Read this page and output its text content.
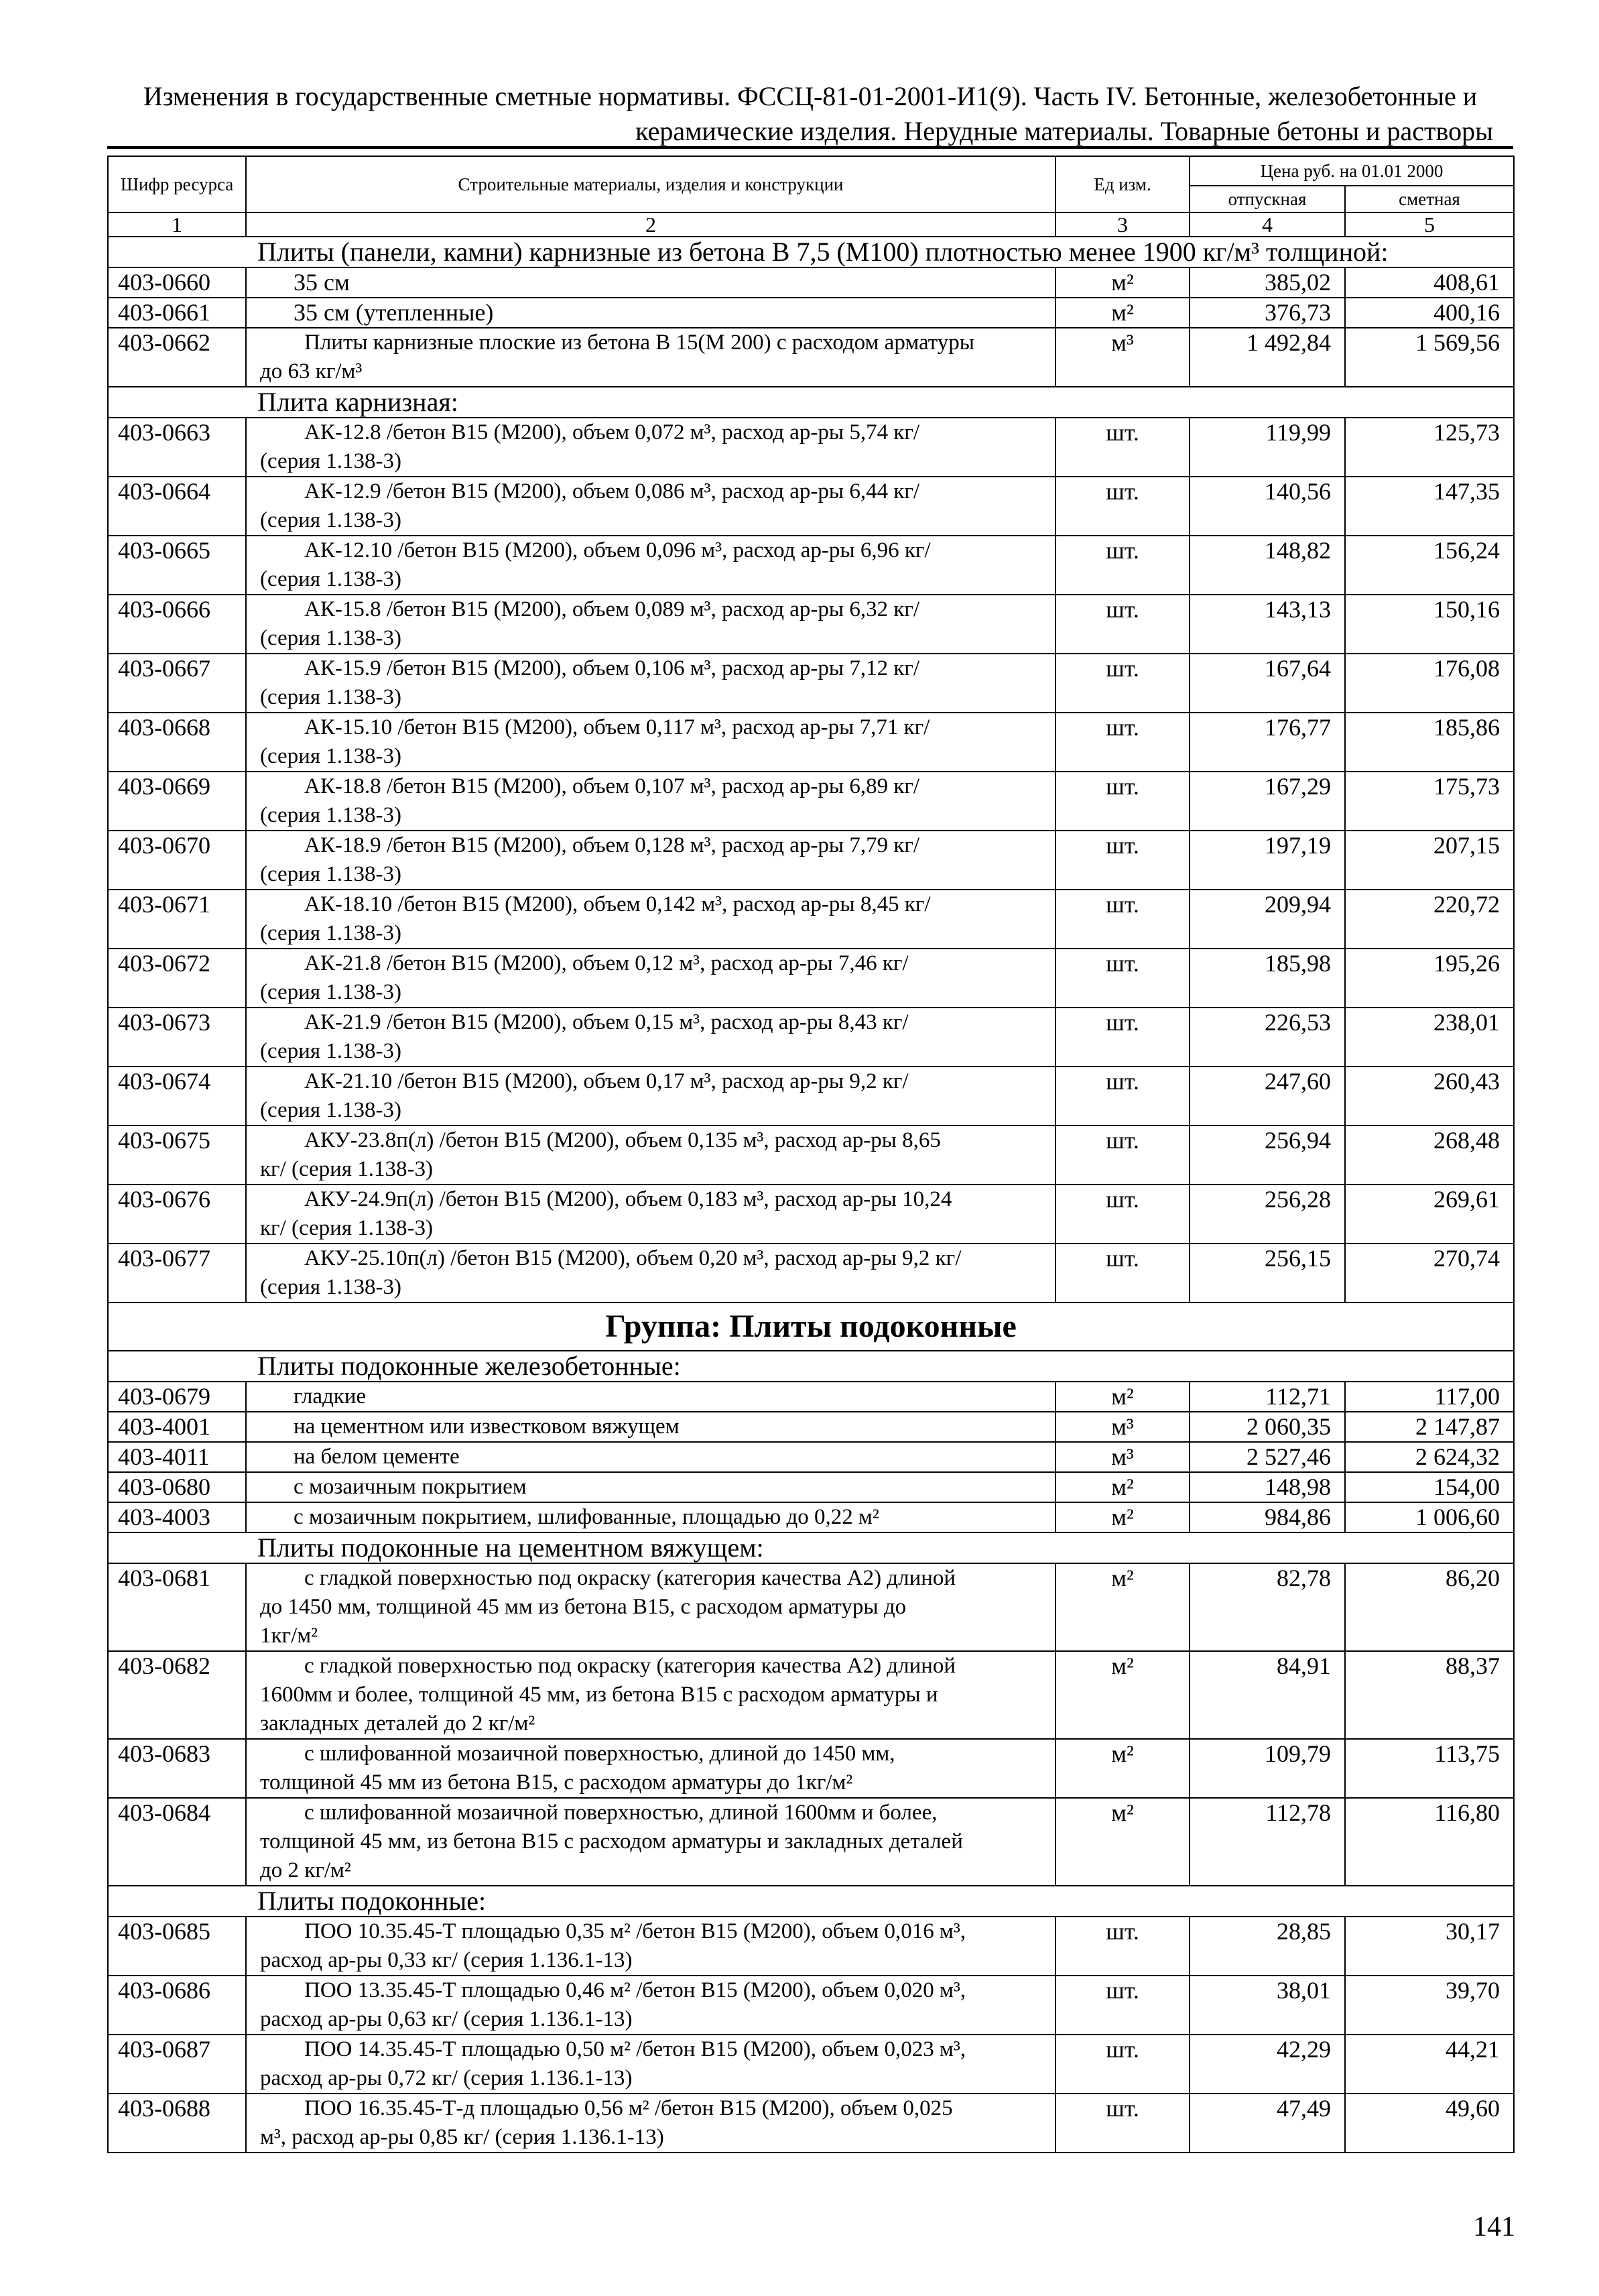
Изменения в государственные сметные нормативы. ФССЦ-81-01-2001-И1(9). Часть IV. Бетонные, железобетонные и
керамические изделия. Нерудные материалы. Товарные бетоны и растворы
Шифр ресурса	Строительные материалы, изделия и конструкции	Ед изм.	Цена руб. на 01.01 2000	
			отпускная	сметная
1	2	3	4	5
Плиты (панели, камни) карнизные из бетона В 7,5 (М100) плотностью менее 1900 кг/м³ толщиной:				
403-0660	35 см	м²	385,02	408,61
403-0661	35 см (утепленные)	м²	376,73	400,16
403-0662	Плиты карнизные плоские из бетона В 15(М 200) с расходом арматуры
до 63 кг/м³	м³	1 492,84	1 569,56
Плита карнизная:				
403-0663	АК-12.8 /бетон В15 (М200), объем 0,072 м³, расход ар-ры 5,74 кг/
(серия 1.138-3)	шт.	119,99	125,73
403-0664	АК-12.9 /бетон В15 (М200), объем 0,086 м³, расход ар-ры 6,44 кг/
(серия 1.138-3)	шт.	140,56	147,35
403-0665	АК-12.10 /бетон В15 (М200), объем 0,096 м³, расход ар-ры 6,96 кг/
(серия 1.138-3)	шт.	148,82	156,24
403-0666	АК-15.8 /бетон В15 (М200), объем 0,089 м³, расход ар-ры 6,32 кг/
(серия 1.138-3)	шт.	143,13	150,16
403-0667	АК-15.9 /бетон В15 (М200), объем 0,106 м³, расход ар-ры 7,12 кг/
(серия 1.138-3)	шт.	167,64	176,08
403-0668	АК-15.10 /бетон В15 (М200), объем 0,117 м³, расход ар-ры 7,71 кг/
(серия 1.138-3)	шт.	176,77	185,86
403-0669	АК-18.8 /бетон В15 (М200), объем 0,107 м³, расход ар-ры 6,89 кг/
(серия 1.138-3)	шт.	167,29	175,73
403-0670	АК-18.9 /бетон В15 (М200), объем 0,128 м³, расход ар-ры 7,79 кг/
(серия 1.138-3)	шт.	197,19	207,15
403-0671	АК-18.10 /бетон В15 (М200), объем 0,142 м³, расход ар-ры 8,45 кг/
(серия 1.138-3)	шт.	209,94	220,72
403-0672	АК-21.8 /бетон В15 (М200), объем 0,12 м³, расход ар-ры 7,46 кг/
(серия 1.138-3)	шт.	185,98	195,26
403-0673	АК-21.9 /бетон В15 (М200), объем 0,15 м³, расход ар-ры 8,43 кг/
(серия 1.138-3)	шт.	226,53	238,01
403-0674	АК-21.10 /бетон В15 (М200), объем 0,17 м³, расход ар-ры 9,2 кг/
(серия 1.138-3)	шт.	247,60	260,43
403-0675	АКУ-23.8п(л) /бетон В15 (М200), объем 0,135 м³, расход ар-ры 8,65
кг/ (серия 1.138-3)	шт.	256,94	268,48
403-0676	АКУ-24.9п(л) /бетон В15 (М200), объем 0,183 м³, расход ар-ры 10,24
кг/ (серия 1.138-3)	шт.	256,28	269,61
403-0677	АКУ-25.10п(л) /бетон В15 (М200), объем 0,20 м³, расход ар-ры 9,2 кг/
(серия 1.138-3)	шт.	256,15	270,74
Группа: Плиты подоконные				
Плиты подоконные железобетонные:				
403-0679	гладкие	м²	112,71	117,00
403-4001	на цементном или известковом вяжущем	м³	2 060,35	2 147,87
403-4011	на белом цементе	м³	2 527,46	2 624,32
403-0680	с мозаичным покрытием	м²	148,98	154,00
403-4003	с мозаичным покрытием, шлифованные, площадью до 0,22 м²	м²	984,86	1 006,60
Плиты подоконные на цементном вяжущем:				
403-0681	с гладкой поверхностью под окраску (категория качества А2) длиной
до 1450 мм, толщиной 45 мм из бетона В15, с расходом арматуры до
1кг/м²	м²	82,78	86,20
403-0682	с гладкой поверхностью под окраску (категория качества А2) длиной
1600мм и более, толщиной 45 мм, из бетона В15 с расходом арматуры и
закладных деталей до 2 кг/м²	м²	84,91	88,37
403-0683	с шлифованной мозаичной поверхностью, длиной до 1450 мм,
толщиной 45 мм из бетона В15, с расходом арматуры до 1кг/м²	м²	109,79	113,75
403-0684	с шлифованной мозаичной поверхностью, длиной 1600мм и более,
толщиной 45 мм, из бетона В15 с расходом арматуры и закладных деталей
до 2 кг/м²	м²	112,78	116,80
Плиты подоконные:				
403-0685	ПОО 10.35.45-Т площадью 0,35 м² /бетон В15 (М200), объем 0,016 м³,
расход ар-ры 0,33 кг/ (серия 1.136.1-13)	шт.	28,85	30,17
403-0686	ПОО 13.35.45-Т площадью 0,46 м² /бетон В15 (М200), объем 0,020 м³,
расход ар-ры 0,63 кг/ (серия 1.136.1-13)	шт.	38,01	39,70
403-0687	ПОО 14.35.45-Т площадью 0,50 м² /бетон В15 (М200), объем 0,023 м³,
расход ар-ры 0,72 кг/ (серия 1.136.1-13)	шт.	42,29	44,21
403-0688	ПОО 16.35.45-Т-д площадью 0,56 м² /бетон В15 (М200), объем 0,025
м³, расход ар-ры 0,85 кг/ (серия 1.136.1-13)	шт.	47,49	49,60
141
